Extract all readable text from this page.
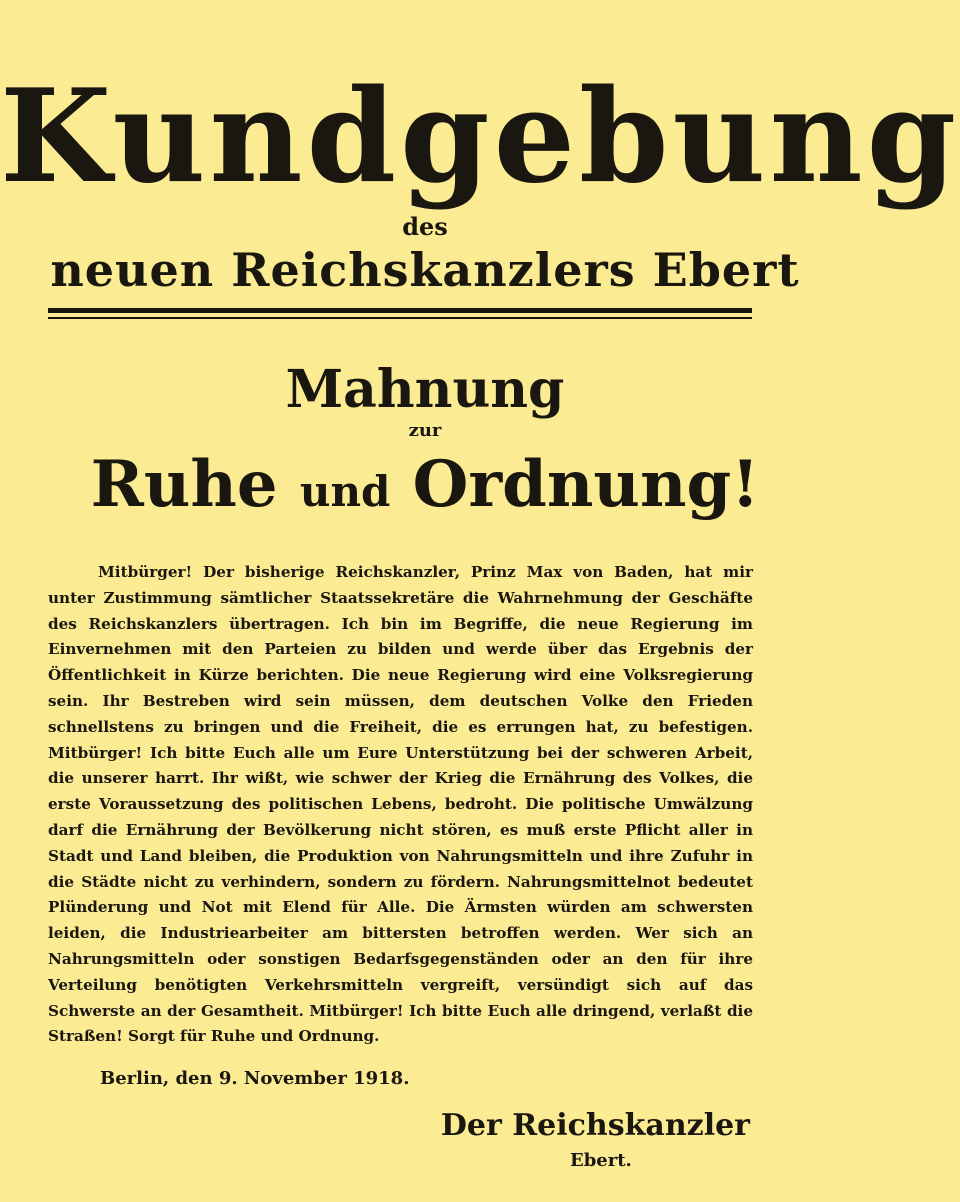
Kundgebung
des
neuen Reichskanzlers Ebert
Mahnung
zur
Ruhe und Ordnung!
Mitbürger! Der bisherige Reichskanzler, Prinz Max von Baden, hat mir unter Zustimmung sämtlicher Staatssekretäre die Wahrnehmung der Geschäfte des Reichskanzlers übertragen. Ich bin im Begriffe, die neue Regierung im Einvernehmen mit den Parteien zu bilden und werde über das Ergebnis der Öffentlichkeit in Kürze berichten. Die neue Regierung wird eine Volksregierung sein. Ihr Bestreben wird sein müssen, dem deutschen Volke den Frieden schnellstens zu bringen und die Freiheit, die es errungen hat, zu befestigen. Mitbürger! Ich bitte Euch alle um Eure Unterstützung bei der schweren Arbeit, die unserer harrt. Ihr wißt, wie schwer der Krieg die Ernährung des Volkes, die erste Voraussetzung des politischen Lebens, bedroht. Die politische Umwälzung darf die Ernährung der Bevölkerung nicht stören, es muß erste Pflicht aller in Stadt und Land bleiben, die Produktion von Nahrungsmitteln und ihre Zufuhr in die Städte nicht zu verhindern, sondern zu fördern. Nahrungsmittelnot bedeutet Plünderung und Not mit Elend für Alle. Die Ärmsten würden am schwersten leiden, die Industriearbeiter am bittersten betroffen werden. Wer sich an Nahrungsmitteln oder sonstigen Bedarfsgegenständen oder an den für ihre Verteilung benötigten Verkehrsmitteln vergreift, versündigt sich auf das Schwerste an der Gesamtheit. Mitbürger! Ich bitte Euch alle dringend, verlaßt die Straßen! Sorgt für Ruhe und Ordnung.
Berlin, den 9. November 1918.
Der Reichskanzler
Ebert.
